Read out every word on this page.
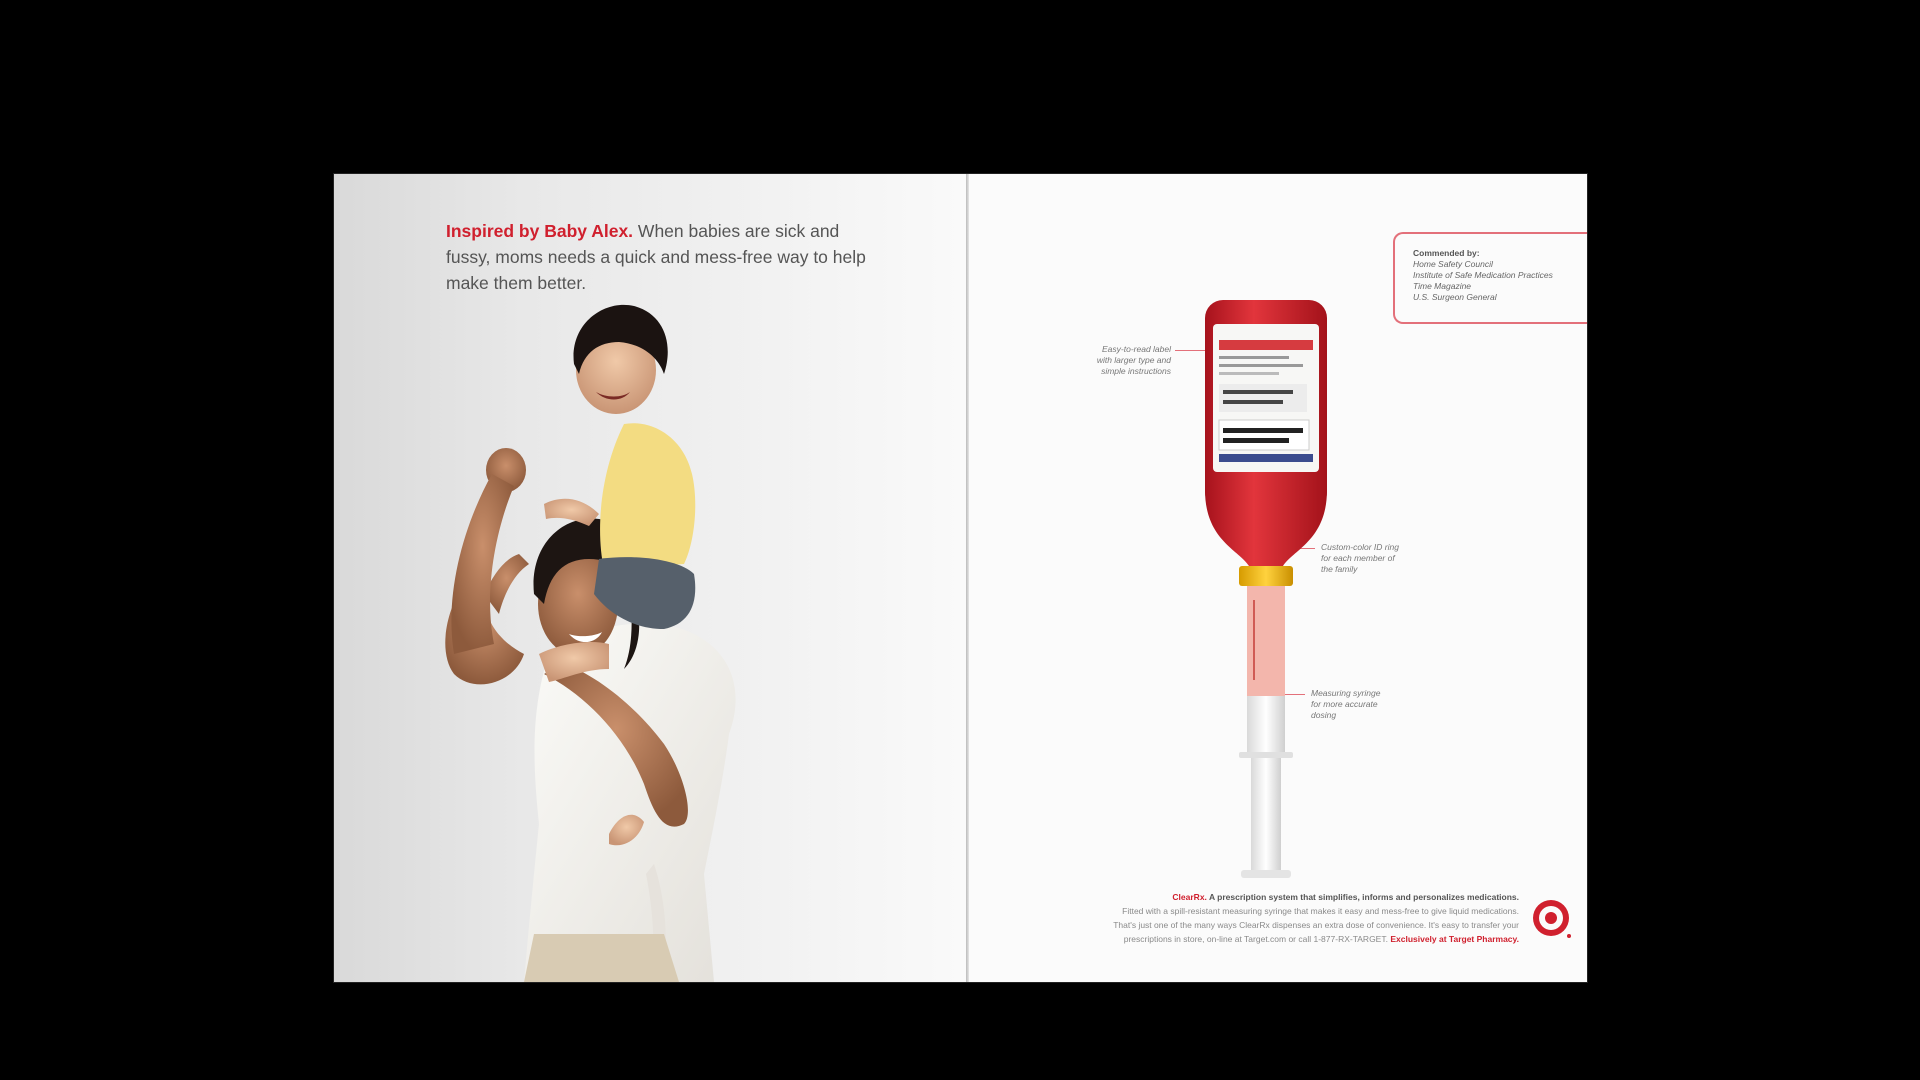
Inspired by Baby Alex. When babies are sick and fussy, moms needs a quick and mess-free way to help make them better.
Commended by:
Home Safety Council
Institute of Safe Medication Practices
Time Magazine
U.S. Surgeon General
Easy-to-read label
with larger type and
simple instructions
Custom-color ID ring
for each member of
the family
Measuring syringe
for more accurate
dosing
ClearRx. A prescription system that simplifies, informs and personalizes medications.
Fitted with a spill-resistant measuring syringe that makes it easy and mess-free to give liquid medications.
That's just one of the many ways ClearRx dispenses an extra dose of convenience. It's easy to transfer your
prescriptions in store, on-line at Target.com or call 1-877-RX-TARGET. Exclusively at Target Pharmacy.
